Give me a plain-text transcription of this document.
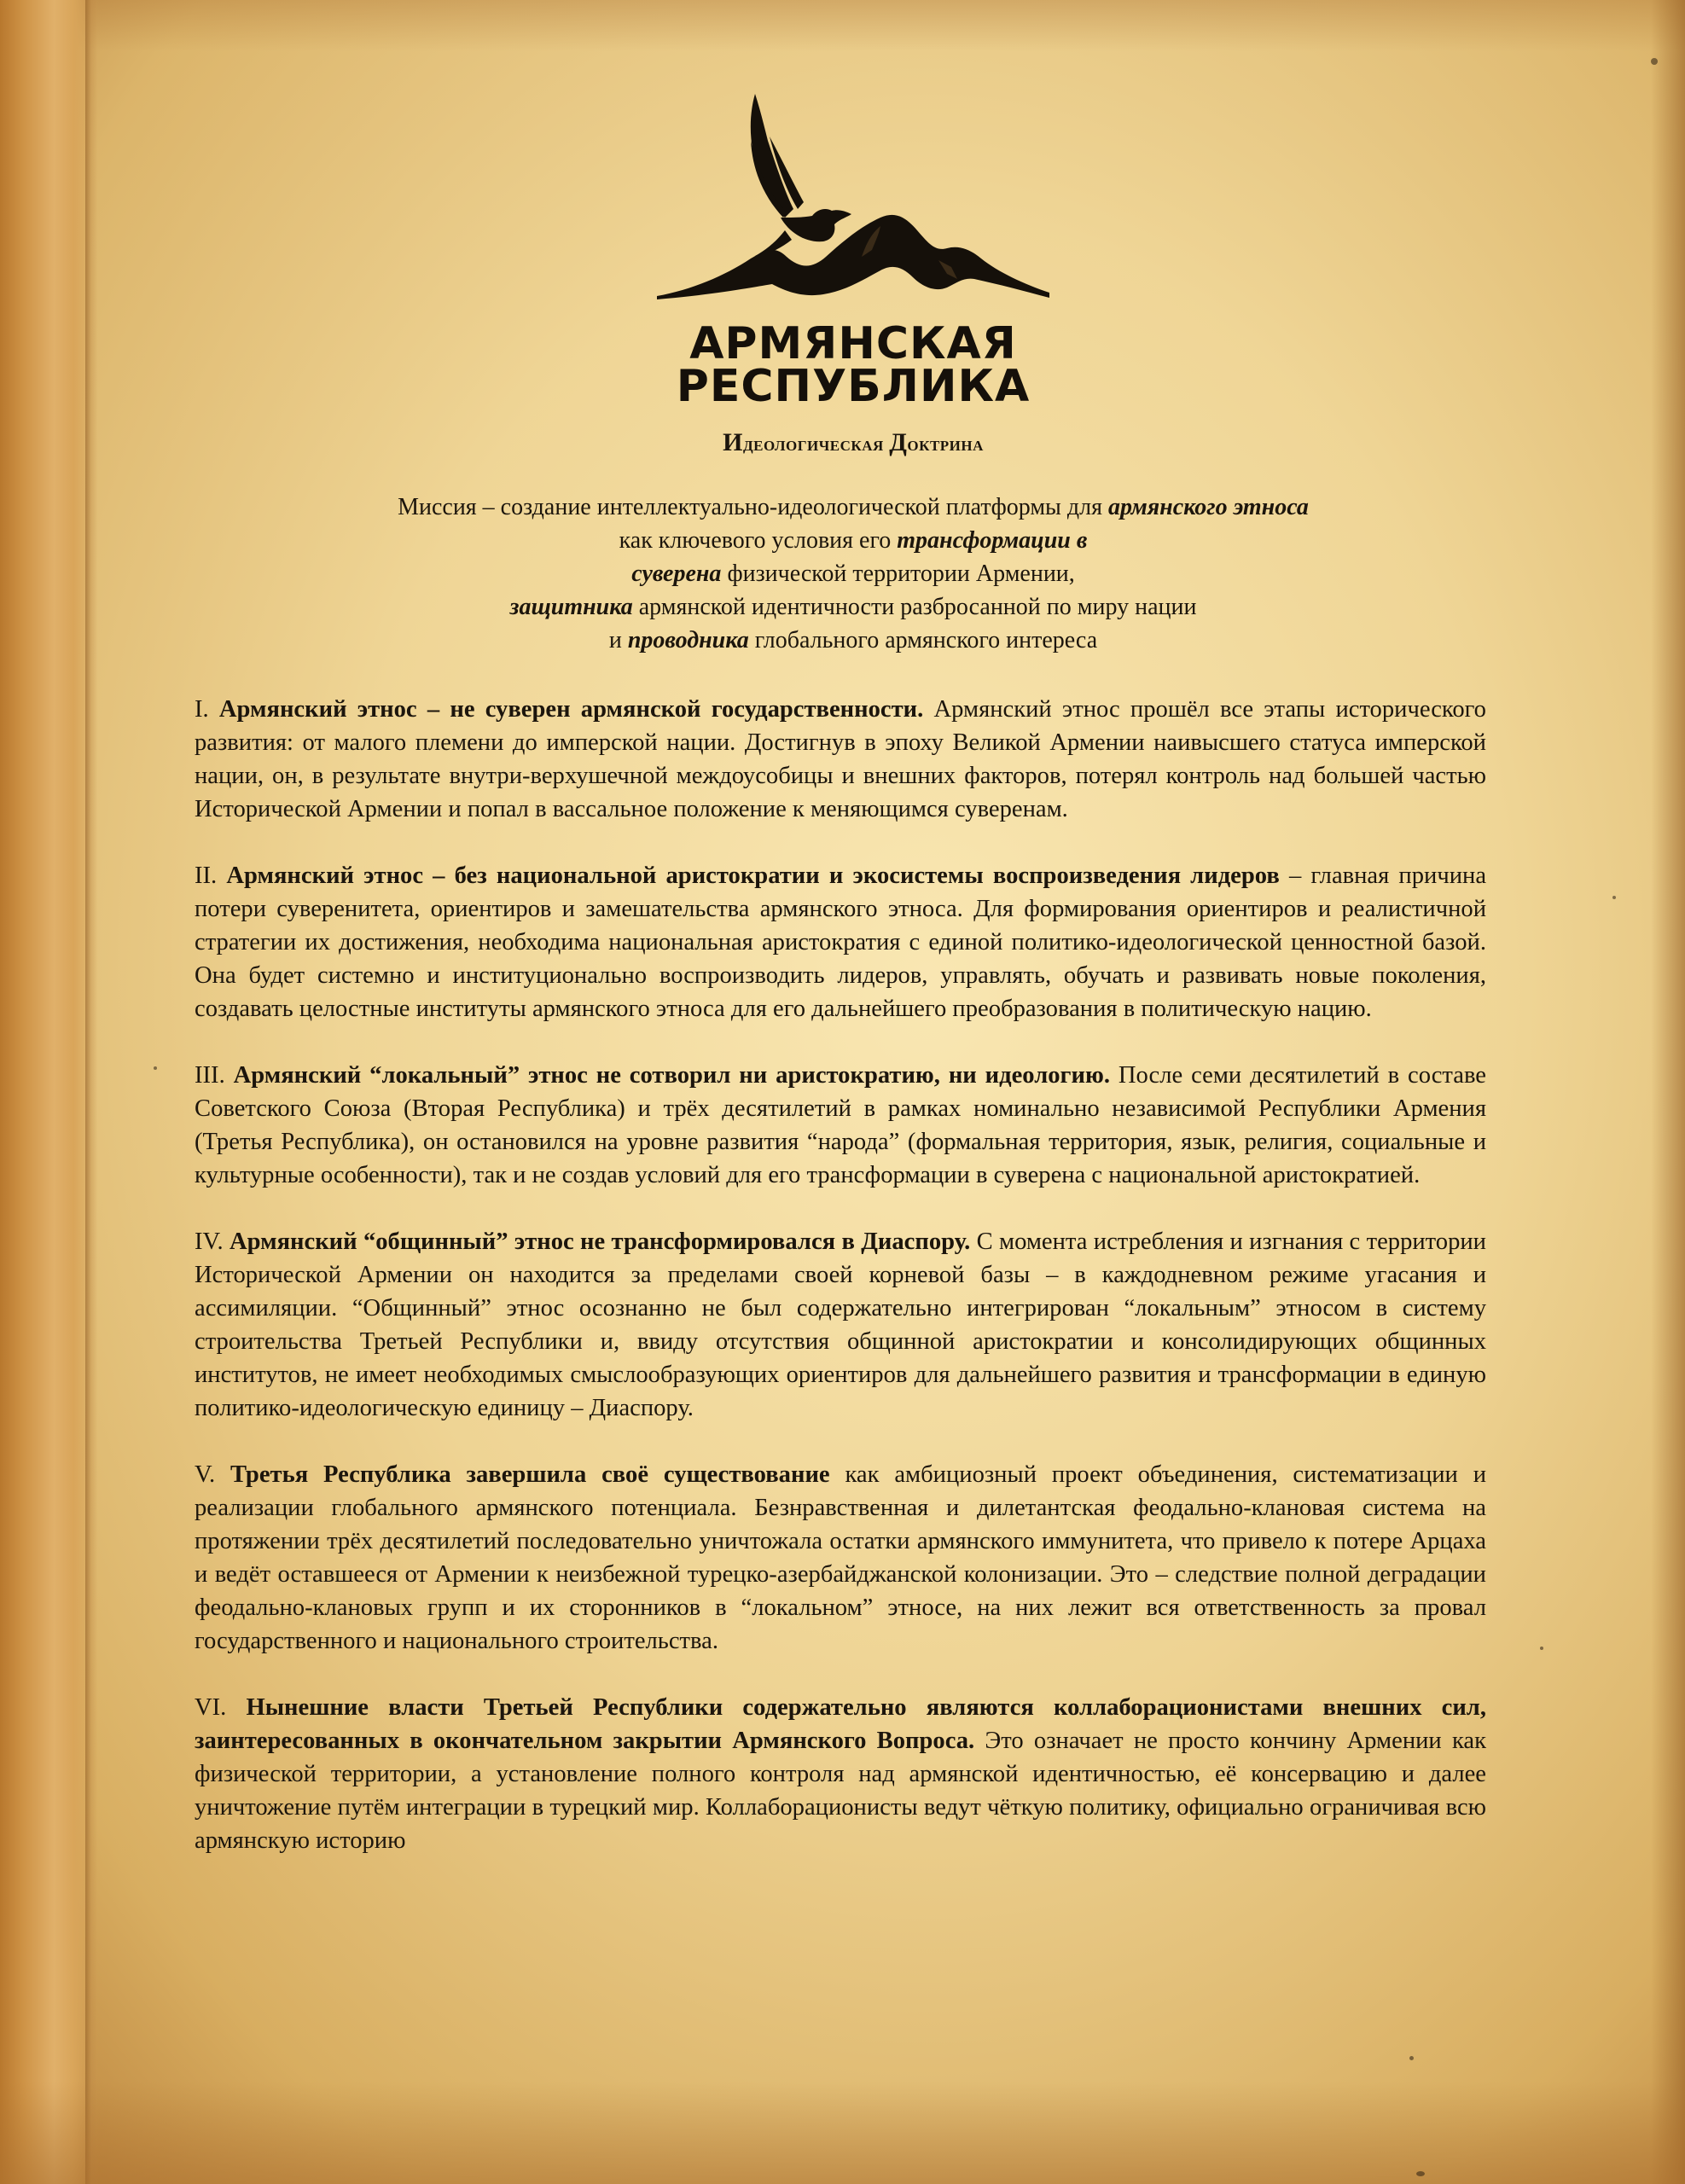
АРМЯНСКАЯ
РЕСПУБЛИКА
Идеологическая Доктрина
Миссия – создание интеллектуально-идеологической платформы для армянского этноса
как ключевого условия его трансформации в
суверена физической территории Армении,
защитника армянской идентичности разбросанной по миру нации
и проводника глобального армянского интереса

I. Армянский этнос – не суверен армянской государственности. Армянский этнос прошёл все этапы исторического развития: от малого племени до имперской нации. Достигнув в эпоху Великой Армении наивысшего статуса имперской нации, он, в результате внутри-верхушечной междоусобицы и внешних факторов, потерял контроль над большей частью Исторической Армении и попал в вассальное положение к меняющимся суверенам.

II. Армянский этнос – без национальной аристократии и экосистемы воспроизведения лидеров – главная причина потери суверенитета, ориентиров и замешательства армянского этноса. Для формирования ориентиров и реалистичной стратегии их достижения, необходима национальная аристократия с единой политико-идеологической ценностной базой. Она будет системно и институционально воспроизводить лидеров, управлять, обучать и развивать новые поколения, создавать целостные институты армянского этноса для его дальнейшего преобразования в политическую нацию.

III. Армянский “локальный” этнос не сотворил ни аристократию, ни идеологию. После семи десятилетий в составе Советского Союза (Вторая Республика) и трёх десятилетий в рамках номинально независимой Республики Армения (Третья Республика), он остановился на уровне развития “народа” (формальная территория, язык, религия, социальные и культурные особенности), так и не создав условий для его трансформации в суверена с национальной аристократией.

IV. Армянский “общинный” этнос не трансформировался в Диаспору. С момента истребления и изгнания с территории Исторической Армении он находится за пределами своей корневой базы – в каждодневном режиме угасания и ассимиляции. “Общинный” этнос осознанно не был содержательно интегрирован “локальным” этносом в систему строительства Третьей Республики и, ввиду отсутствия общинной аристократии и консолидирующих общинных институтов, не имеет необходимых смыслообразующих ориентиров для дальнейшего развития и трансформации в единую политико-идеологическую единицу – Диаспору.

V. Третья Республика завершила своё существование как амбициозный проект объединения, систематизации и реализации глобального армянского потенциала. Безнравственная и дилетантская феодально-клановая система на протяжении трёх десятилетий последовательно уничтожала остатки армянского иммунитета, что привело к потере Арцаха и ведёт оставшееся от Армении к неизбежной турецко-азербайджанской колонизации. Это – следствие полной деградации феодально-клановых групп и их сторонников в “локальном” этносе, на них лежит вся ответственность за провал государственного и национального строительства.

VI. Нынешние власти Третьей Республики содержательно являются коллаборационистами внешних сил, заинтересованных в окончательном закрытии Армянского Вопроса. Это означает не просто кончину Армении как физической территории, а установление полного контроля над армянской идентичностью, её консервацию и далее уничтожение путём интеграции в турецкий мир. Коллаборационисты ведут чёткую политику, официально ограничивая всю армянскую историю
